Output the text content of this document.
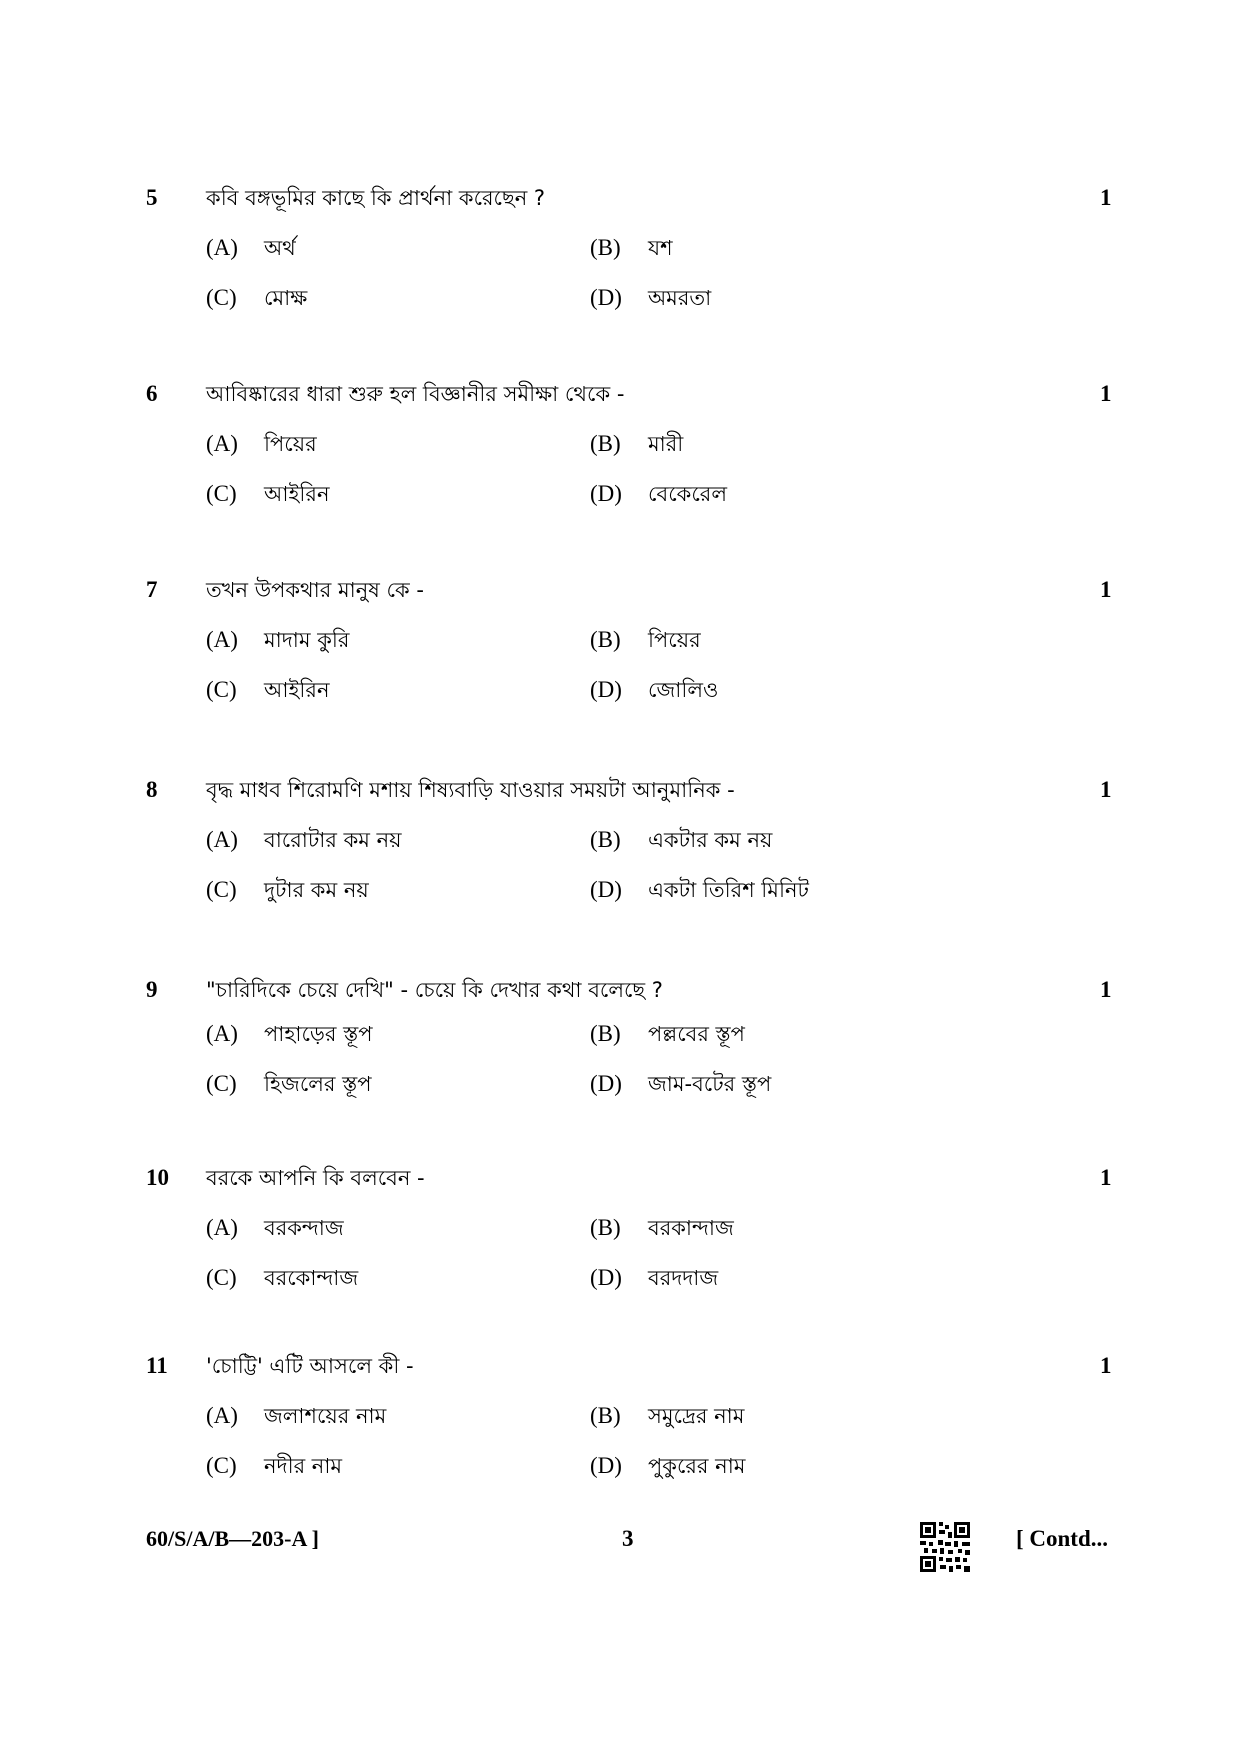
5 কবি বঙ্গভূমির কাছে কি প্রার্থনা করেছেন ?	1
(A) অর্থ	(B) যশ
(C) মোক্ষ	(D) অমরতা
6 আবিষ্কারের ধারা শুরু হল বিজ্ঞানীর সমীক্ষা থেকে -	1
(A) পিয়ের	(B) মারী
(C) আইরিন	(D) বেকেরেল
7 তখন উপকথার মানুষ কে -	1
(A) মাদাম কুরি	(B) পিয়ের
(C) আইরিন	(D) জোলিও
8 বৃদ্ধ মাধব শিরোমণি মশায় শিষ্যবাড়ি যাওয়ার সময়টা আনুমানিক -	1
(A) বারোটার কম নয়	(B) একটার কম নয়
(C) দুটার কম নয়	(D) একটা তিরিশ মিনিট
9 "চারিদিকে চেয়ে দেখি" - চেয়ে কি দেখার কথা বলেছে ?	1
(A) পাহাড়ের স্তূপ	(B) পল্লবের স্তূপ
(C) হিজলের স্তূপ	(D) জাম-বটের স্তূপ
10 বরকে আপনি কি বলবেন -	1
(A) বরকন্দাজ	(B) বরকান্দাজ
(C) বরকোন্দাজ	(D) বরদদাজ
11 'চোট্টি' এটি আসলে কী -	1
(A) জলাশয়ের নাম	(B) সমুদ্রের নাম
(C) নদীর নাম	(D) পুকুরের নাম
60/S/A/B—203-A ]	3	[ Contd...
